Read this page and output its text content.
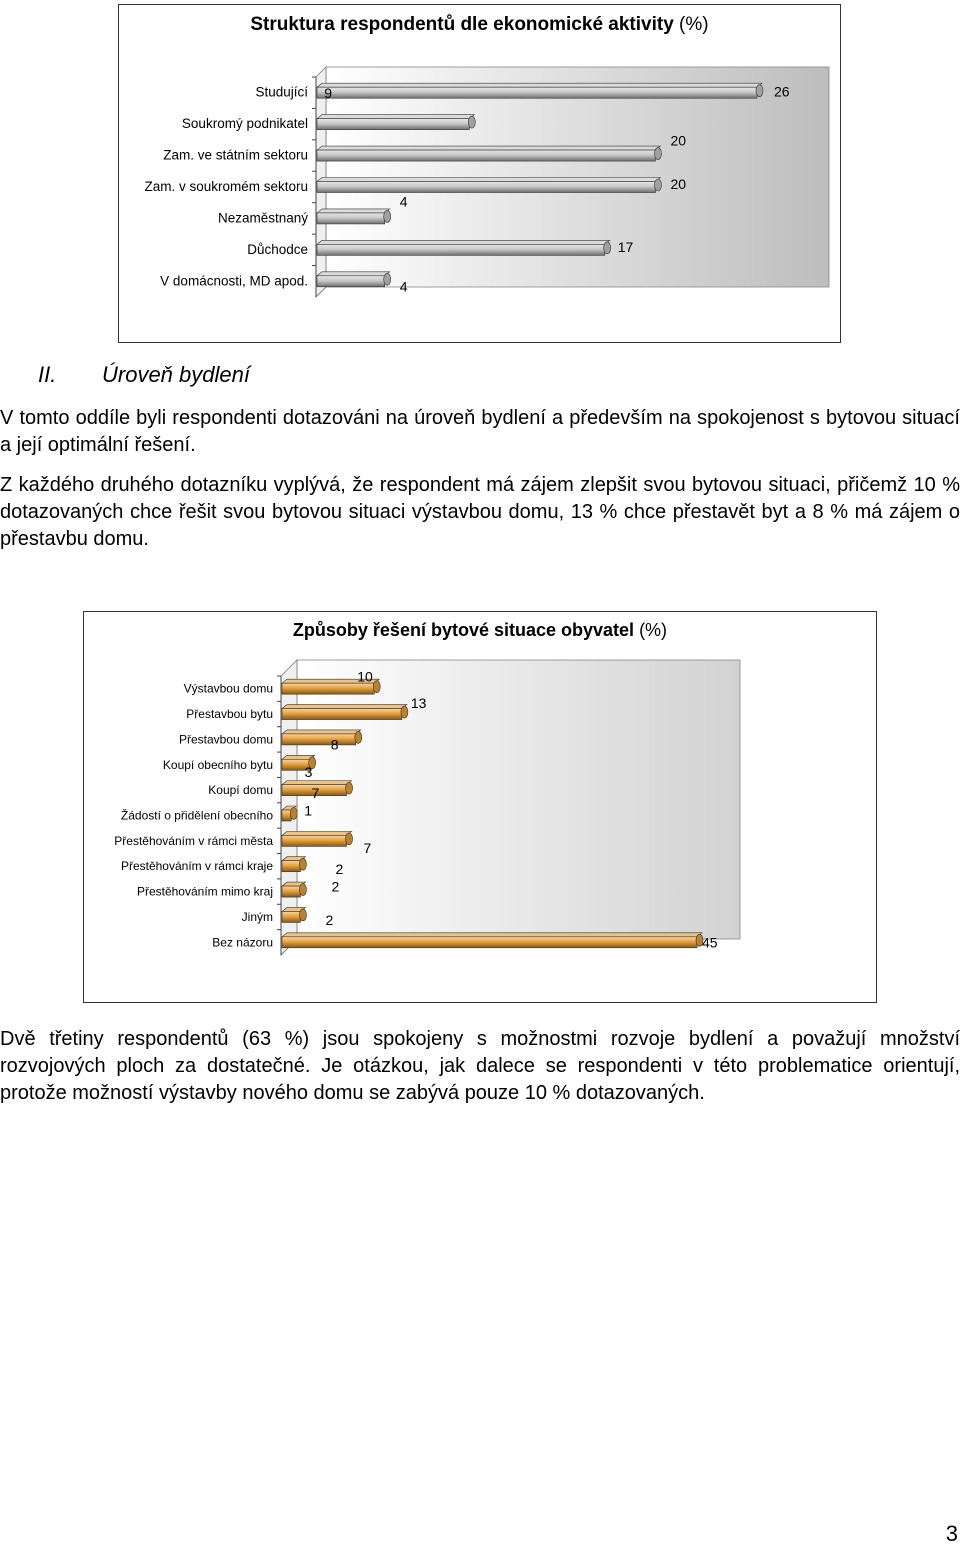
Struktura respondentů dle ekonomické aktivity (%)
Studující	26
Soukromý podnikatel
9
Zam. ve státním sektoru
20
Zam. v soukromém sektoru	20
Nezaměstnaný
4
Důchodce	17
V domácnosti, MD apod.	4
II. Úroveň bydlení
V tomto oddíle byli respondenti dotazováni na úroveň bydlení a především na spokojenost s bytovou situací a její optimální řešení.
Z každého druhého dotazníku vyplývá, že respondent má zájem zlepšit svou bytovou situaci, přičemž 10 % dotazovaných chce řešit svou bytovou situaci výstavbou domu, 13 % chce přestavět byt a 8 % má zájem o přestavbu domu.
Způsoby řešení bytové situace obyvatel (%)
Výstavbou domu
10
Přestavbou bytu
13
Přestavbou domu	8
Koupí obecního bytu 3
Koupí domu	7
Žádostí o přidělení obecního 1
Přestěhováním v rámci města	7
Přestěhováním v rámci kraje	2
Přestěhováním mimo kraj	2
Jiným	2
Bez názoru	45
Dvě třetiny respondentů (63 %) jsou spokojeny s možnostmi rozvoje bydlení a považují množství rozvojových ploch za dostatečné. Je otázkou, jak dalece se respondenti v této problematice orientují, protože možností výstavby nového domu se zabývá pouze 10 % dotazovaných.
3
